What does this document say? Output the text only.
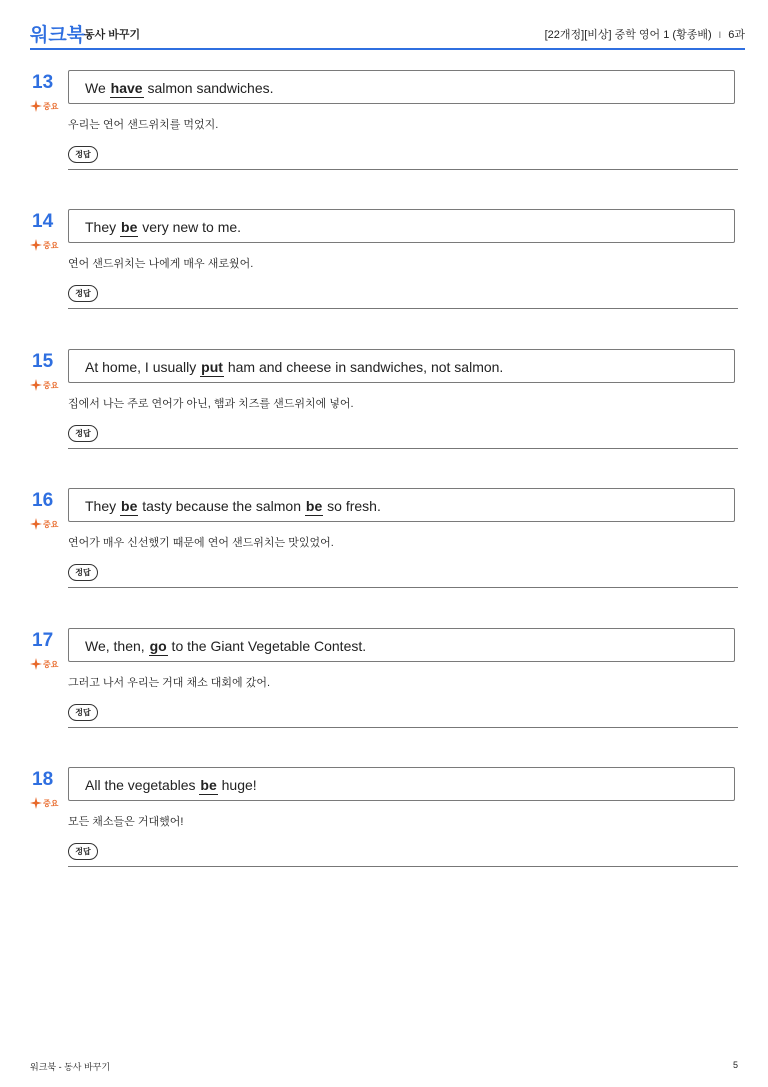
워크북
동사 바꾸기	[22개정][비상] 중학 영어 1 (황종배) I 6과
13
중요
We have salmon sandwiches.
우리는 연어 샌드위치를 먹었지.
정답
14
중요
They be very new to me.
연어 샌드위치는 나에게 매우 새로웠어.
정답
15
중요
At home, I usually put ham and cheese in sandwiches, not salmon.
집에서 나는 주로 연어가 아닌, 햄과 치즈를 샌드위치에 넣어.
정답
16
중요
They be tasty because the salmon be so fresh.
연어가 매우 신선했기 때문에 연어 샌드위치는 맛있었어.
정답
17
중요
We, then, go to the Giant Vegetable Contest.
그러고 나서 우리는 거대 채소 대회에 갔어.
정답
18
중요
All the vegetables be huge!
모든 채소들은 거대했어!
정답
워크북 - 동사 바꾸기	5
